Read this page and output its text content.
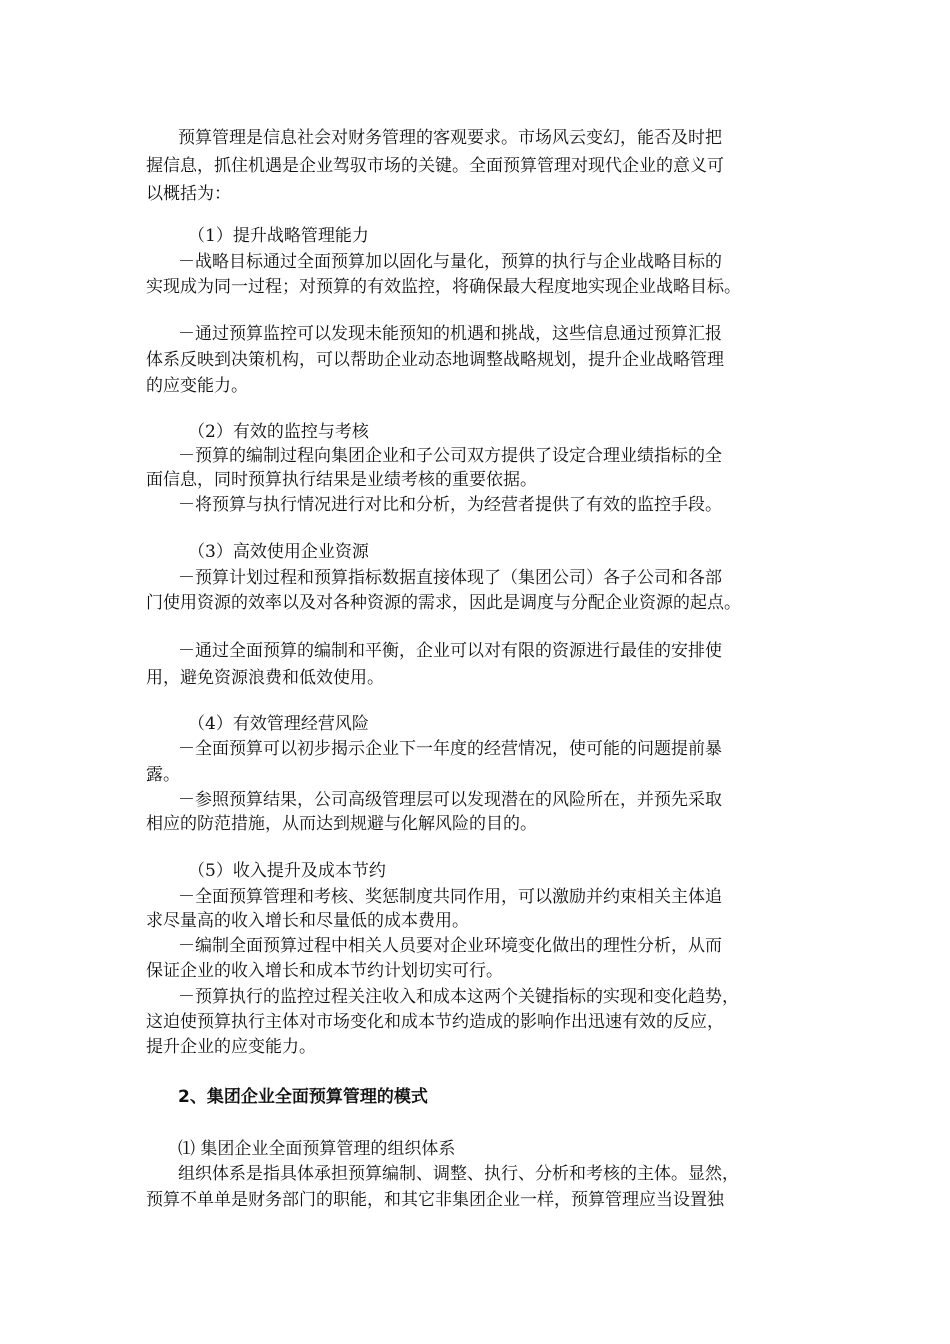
预算管理是信息社会对财务管理的客观要求。市场风云变幻，能否及时把
握信息，抓住机遇是企业驾驭市场的关键。全面预算管理对现代企业的意义可
以概括为：
（1）提升战略管理能力
－战略目标通过全面预算加以固化与量化，预算的执行与企业战略目标的
实现成为同一过程；对预算的有效监控，将确保最大程度地实现企业战略目标。
－通过预算监控可以发现未能预知的机遇和挑战，这些信息通过预算汇报
体系反映到决策机构，可以帮助企业动态地调整战略规划，提升企业战略管理
的应变能力。
（2）有效的监控与考核
－预算的编制过程向集团企业和子公司双方提供了设定合理业绩指标的全
面信息，同时预算执行结果是业绩考核的重要依据。
－将预算与执行情况进行对比和分析，为经营者提供了有效的监控手段。
（3）高效使用企业资源
－预算计划过程和预算指标数据直接体现了（集团公司）各子公司和各部
门使用资源的效率以及对各种资源的需求，因此是调度与分配企业资源的起点。
－通过全面预算的编制和平衡，企业可以对有限的资源进行最佳的安排使
用，避免资源浪费和低效使用。
（4）有效管理经营风险
－全面预算可以初步揭示企业下一年度的经营情况，使可能的问题提前暴
露。
－参照预算结果，公司高级管理层可以发现潜在的风险所在，并预先采取
相应的防范措施，从而达到规避与化解风险的目的。
（5）收入提升及成本节约
－全面预算管理和考核、奖惩制度共同作用，可以激励并约束相关主体追
求尽量高的收入增长和尽量低的成本费用。
－编制全面预算过程中相关人员要对企业环境变化做出的理性分析，从而
保证企业的收入增长和成本节约计划切实可行。
－预算执行的监控过程关注收入和成本这两个关键指标的实现和变化趋势，
这迫使预算执行主体对市场变化和成本节约造成的影响作出迅速有效的反应，
提升企业的应变能力。
2、集团企业全面预算管理的模式
⑴ 集团企业全面预算管理的组织体系
组织体系是指具体承担预算编制、调整、执行、分析和考核的主体。显然，
预算不单单是财务部门的职能，和其它非集团企业一样，预算管理应当设置独
